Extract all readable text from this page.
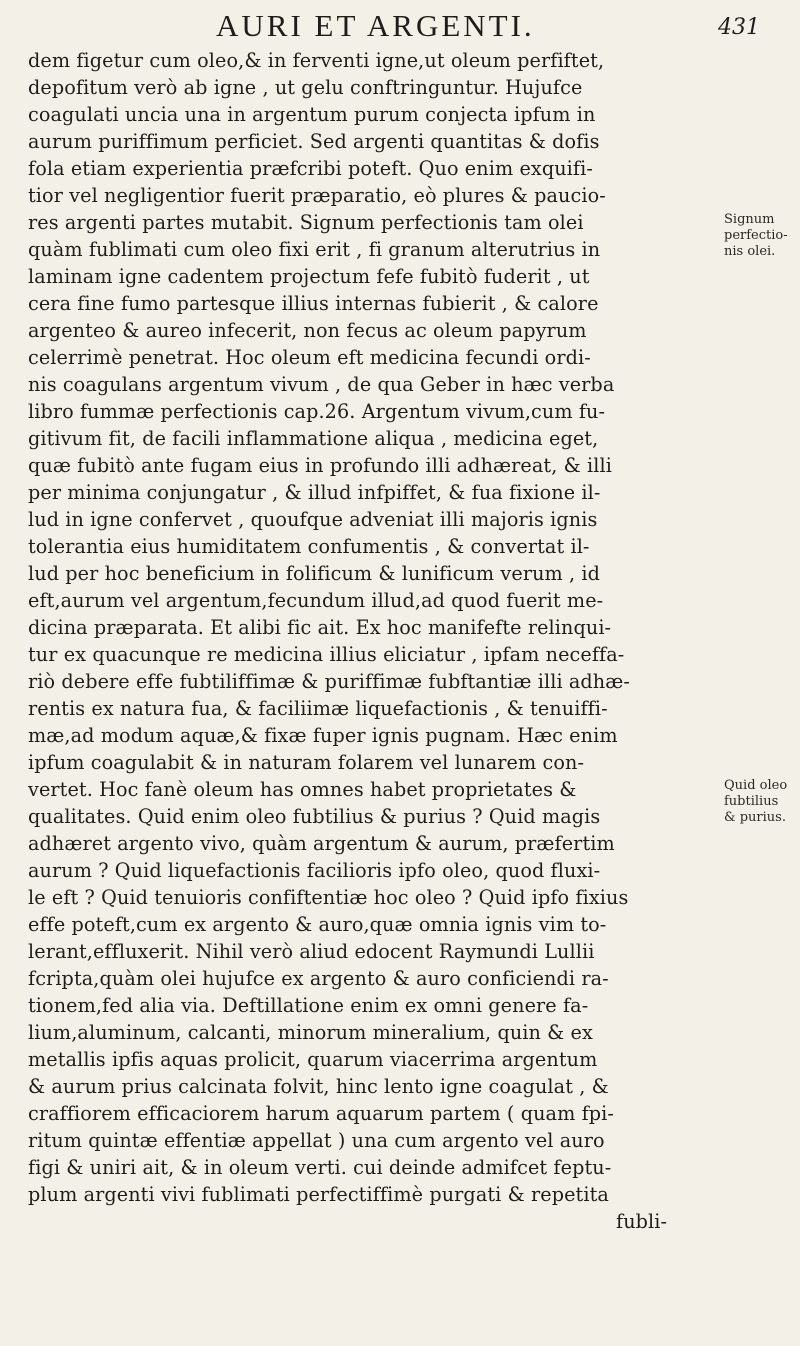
AURI ET ARGENTI.	431
dem figetur cum oleo,& in ferventi igne,ut oleum perfiftet,
depofitum verò ab igne , ut gelu conftringuntur. Hujufce
coagulati uncia una in argentum purum conjecta ipfum in
aurum puriffimum perficiet. Sed argenti quantitas & dofis
fola etiam experientia præfcribi poteft. Quo enim exquifi-
tior vel negligentior fuerit præparatio, eò plures & paucio-
res argenti partes mutabit. Signum perfectionis tam olei
quàm fublimati cum oleo fixi erit , fi granum alterutrius in
laminam igne cadentem projectum fefe fubitò fuderit , ut
cera fine fumo partesque illius internas fubierit , & calore
argenteo & aureo infecerit, non fecus ac oleum papyrum
celerrimè penetrat. Hoc oleum eft medicina fecundi ordi-
nis coagulans argentum vivum , de qua Geber in hæc verba
libro fummæ perfectionis cap.26. Argentum vivum,cum fu-
gitivum fit, de facili inflammatione aliqua , medicina eget,
quæ fubitò ante fugam eius in profundo illi adhæreat, & illi
per minima conjungatur , & illud infpiffet, & fua fixione il-
lud in igne confervet , quoufque adveniat illi majoris ignis
tolerantia eius humiditatem confumentis , & convertat il-
lud per hoc beneficium in folificum & lunificum verum , id
eft,aurum vel argentum,fecundum illud,ad quod fuerit me-
dicina præparata. Et alibi fic ait. Ex hoc manifefte relinqui-
tur ex quacunque re medicina illius eliciatur , ipfam neceffa-
riò debere effe fubtiliffimæ & puriffimæ fubftantiæ illi adhæ-
rentis ex natura fua, & faciliimæ liquefactionis , & tenuiffi-
mæ,ad modum aquæ,& fixæ fuper ignis pugnam. Hæc enim
ipfum coagulabit & in naturam folarem vel lunarem con-
vertet. Hoc fanè oleum has omnes habet proprietates &
qualitates. Quid enim oleo fubtilius & purius ? Quid magis
adhæret argento vivo, quàm argentum & aurum, præfertim
aurum ? Quid liquefactionis facilioris ipfo oleo, quod fluxi-
le eft ? Quid tenuioris confiftentiæ hoc oleo ? Quid ipfo fixius
effe poteft,cum ex argento & auro,quæ omnia ignis vim to-
lerant,effluxerit. Nihil verò aliud edocent Raymundi Lullii
fcripta,quàm olei hujufce ex argento & auro conficiendi ra-
tionem,fed alia via. Deftillatione enim ex omni genere fa-
lium,aluminum, calcanti, minorum mineralium, quin & ex
metallis ipfis aquas prolicit, quarum viacerrima argentum
& aurum prius calcinata folvit, hinc lento igne coagulat , &
craffiorem efficaciorem harum aquarum partem ( quam fpi-
ritum quintæ effentiæ appellat ) una cum argento vel auro
figi & uniri ait, & in oleum verti. cui deinde admifcet feptu-
plum argenti vivi fublimati perfectiffimè purgati & repetita
fubli-
Signum
perfectio-
nis olei.
Quid oleo
fubtilius
& purius.
